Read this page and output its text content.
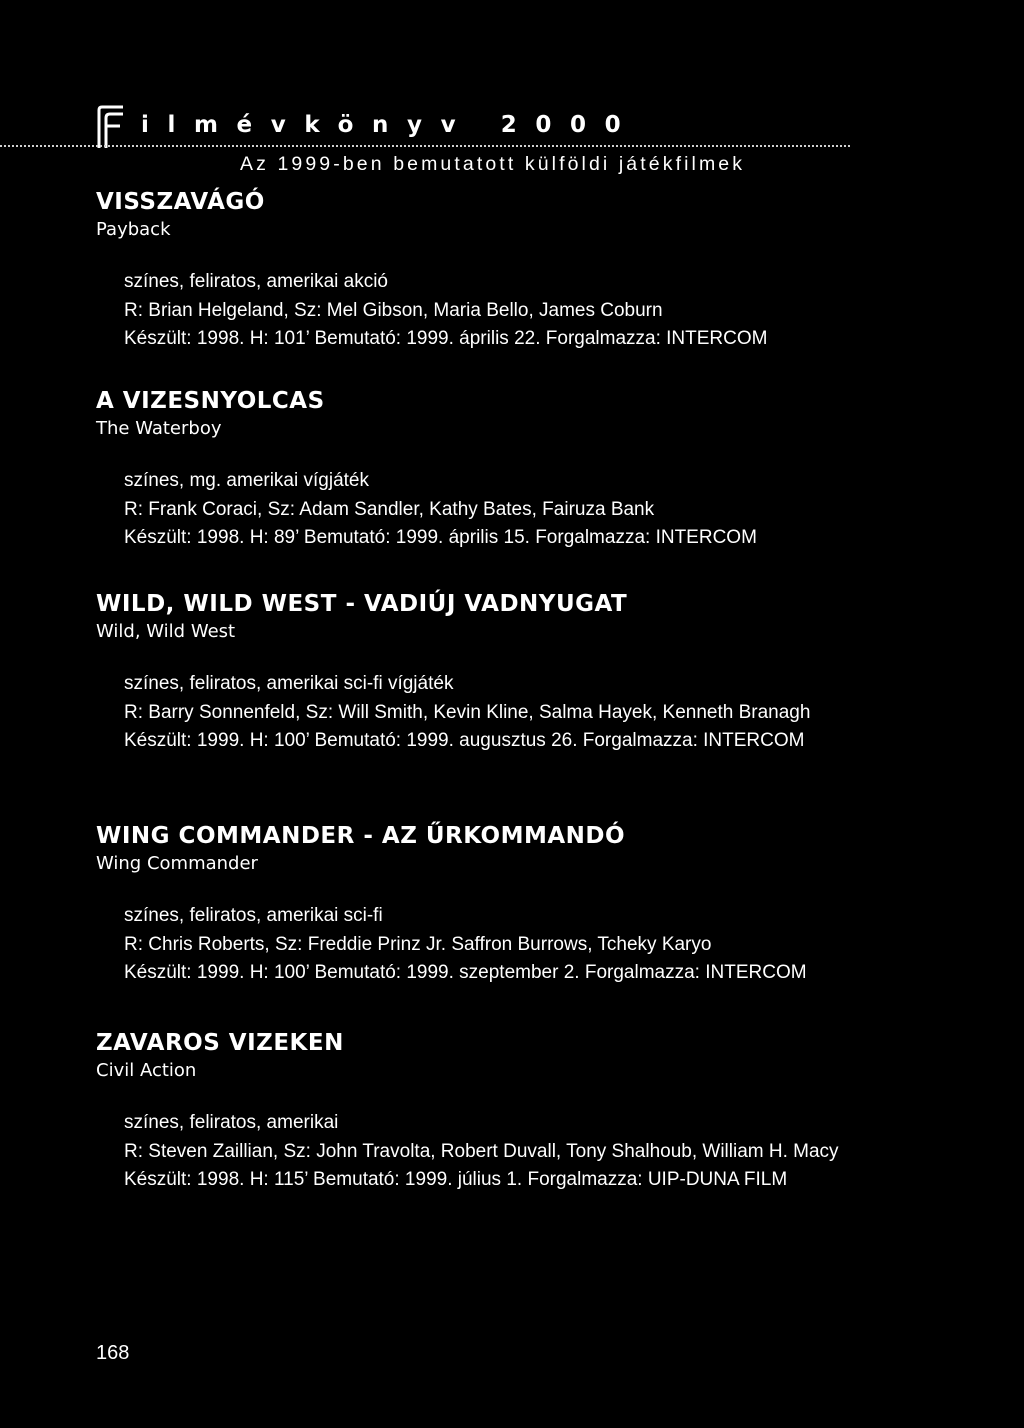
ilmévkönyv 2000
Az 1999-ben bemutatott külföldi játékfilmek
VISSZAVÁGÓ
Payback

színes, feliratos, amerikai akció

R: Brian Helgeland, Sz: Mel Gibson, Maria Bello, James Coburn

Készült: 1998. H: 101’ Bemutató: 1999. április 22. Forgalmazza: INTERCOM

A VIZESNYOLCAS
The Waterboy

színes, mg. amerikai vígjáték

R: Frank Coraci, Sz: Adam Sandler, Kathy Bates, Fairuza Bank

Készült: 1998. H: 89’ Bemutató: 1999. április 15. Forgalmazza: INTERCOM

WILD, WILD WEST - VADIÚJ VADNYUGAT
Wild, Wild West

színes, feliratos, amerikai sci-fi vígjáték

R: Barry Sonnenfeld, Sz: Will Smith, Kevin Kline, Salma Hayek, Kenneth Branagh

Készült: 1999. H: 100’ Bemutató: 1999. augusztus 26. Forgalmazza: INTERCOM

WING COMMANDER - AZ ŰRKOMMANDÓ
Wing Commander

színes, feliratos, amerikai sci-fi

R: Chris Roberts, Sz: Freddie Prinz Jr. Saffron Burrows, Tcheky Karyo

Készült: 1999. H: 100’ Bemutató: 1999. szeptember 2. Forgalmazza: INTERCOM

ZAVAROS VIZEKEN
Civil Action

színes, feliratos, amerikai

R: Steven Zaillian, Sz: John Travolta, Robert Duvall, Tony Shalhoub, William H. Macy

Készült: 1998. H: 115’ Bemutató: 1999. július 1. Forgalmazza: UIP-DUNA FILM

168
